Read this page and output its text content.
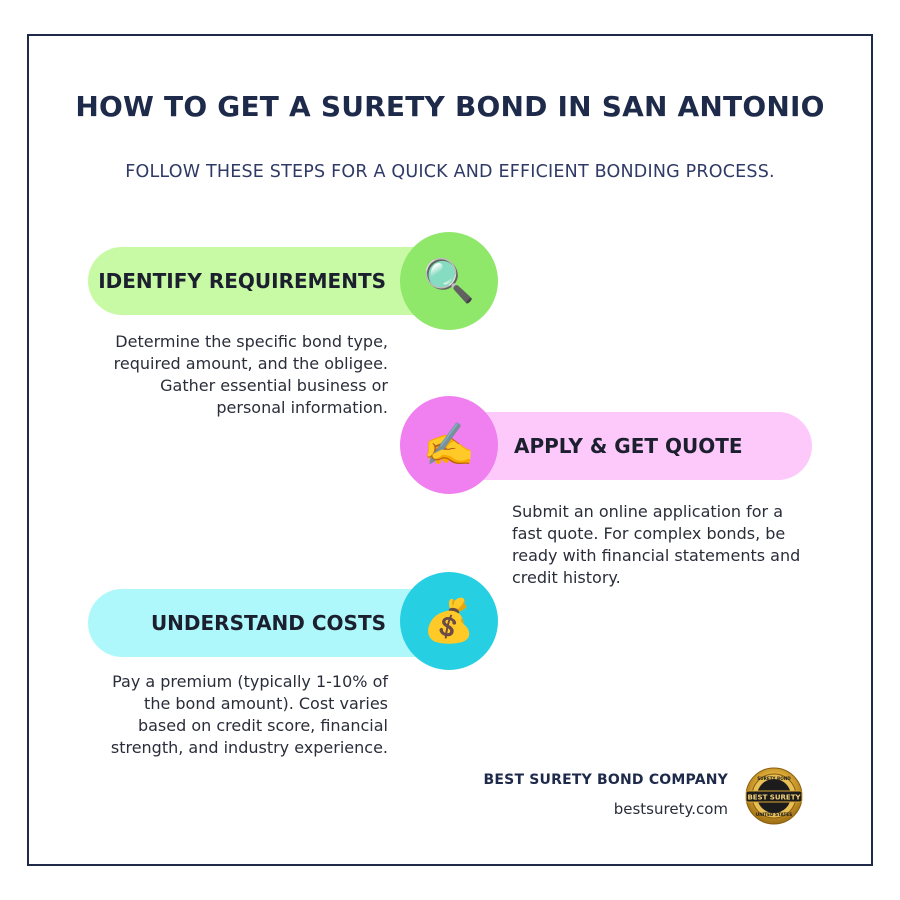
HOW TO GET A SURETY BOND IN SAN ANTONIO
FOLLOW THESE STEPS FOR A QUICK AND EFFICIENT BONDING PROCESS.
IDENTIFY REQUIREMENTS 🔍
Determine the specific bond type, required amount, and the obligee. Gather essential business or personal information.
APPLY & GET QUOTE
✍️
Submit an online application for a fast quote. For complex bonds, be ready with financial statements and credit history.
UNDERSTAND COSTS 💰
Pay a premium (typically 1-10% of the bond amount). Cost varies based on credit score, financial strength, and industry experience.
BEST SURETY BOND COMPANY
bestsurety.com
BEST SURETY
SURETY BOND
UNITED STATES
